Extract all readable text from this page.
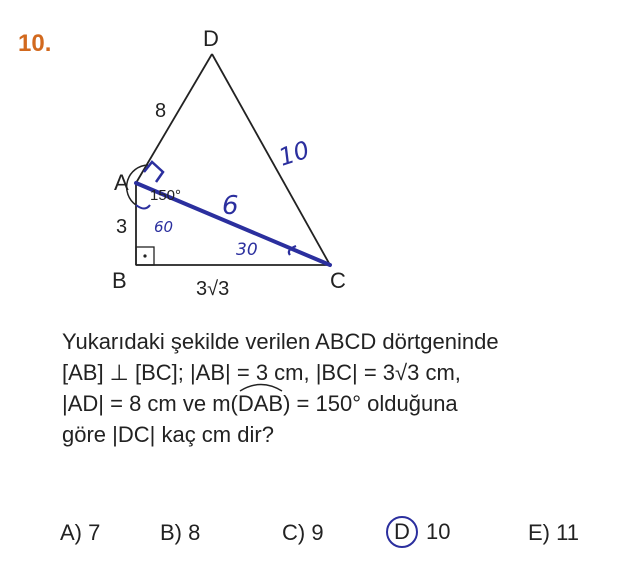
10.	D
A
B	C
8
3
3√3
150°
10
6
60
30
Yukarıdaki şekilde verilen ABCD dörtgeninde
[AB] ⊥ [BC]; |AB| = 3 cm, |BC| = 3√3 cm,
|AD| = 8 cm ve m(
DAB) = 150° olduğuna
göre |DC| kaç cm dir?
A) 7	B) 8	C) 9	D 10	E) 11
